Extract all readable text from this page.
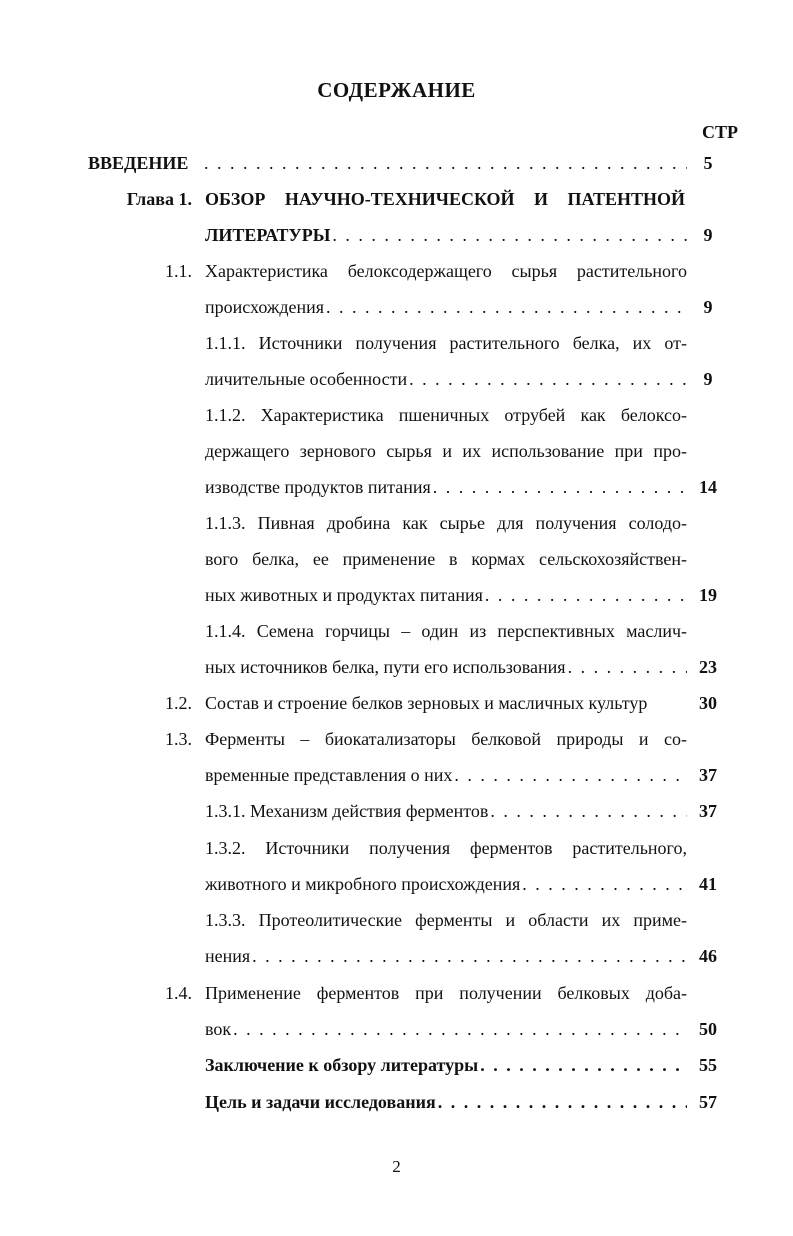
СОДЕРЖАНИЕ
СТР
ВВЕДЕНИЕ . . .	5
Глава 1. ОБЗОР НАУЧНО-ТЕХНИЧЕСКОЙ И ПАТЕНТНОЙ
ЛИТЕРАТУРЫ . . .	9
1.1. Характеристика белоксодержащего сырья растительного
происхождения . . .	9
1.1.1. Источники получения растительного белка, их от-
личительные особенности . . .	9
1.1.2. Характеристика пшеничных отрубей как белоксо-
держащего зернового сырья и их использование при про-
изводстве продуктов питания . . .	14
1.1.3. Пивная дробина как сырье для получения солодо-
вого белка, ее применение в кормах сельскохозяйствен-
ных животных и продуктах питания . . .	19
1.1.4. Семена горчицы – один из перспективных маслич-
ных источников белка, пути его использования . . .	23
1.2. Состав и строение белков зерновых и масличных культур	30
1.3. Ферменты – биокатализаторы белковой природы и со-
временные представления о них . . .	37
1.3.1. Механизм действия ферментов . . .	37
1.3.2. Источники получения ферментов растительного,
животного и микробного происхождения . . .	41
1.3.3. Протеолитические ферменты и области их приме-
нения . . .	46
1.4. Применение ферментов при получении белковых доба-
вок . . .	50
Заключение к обзору литературы . . .	55
Цель и задачи исследования . . .	57
2
